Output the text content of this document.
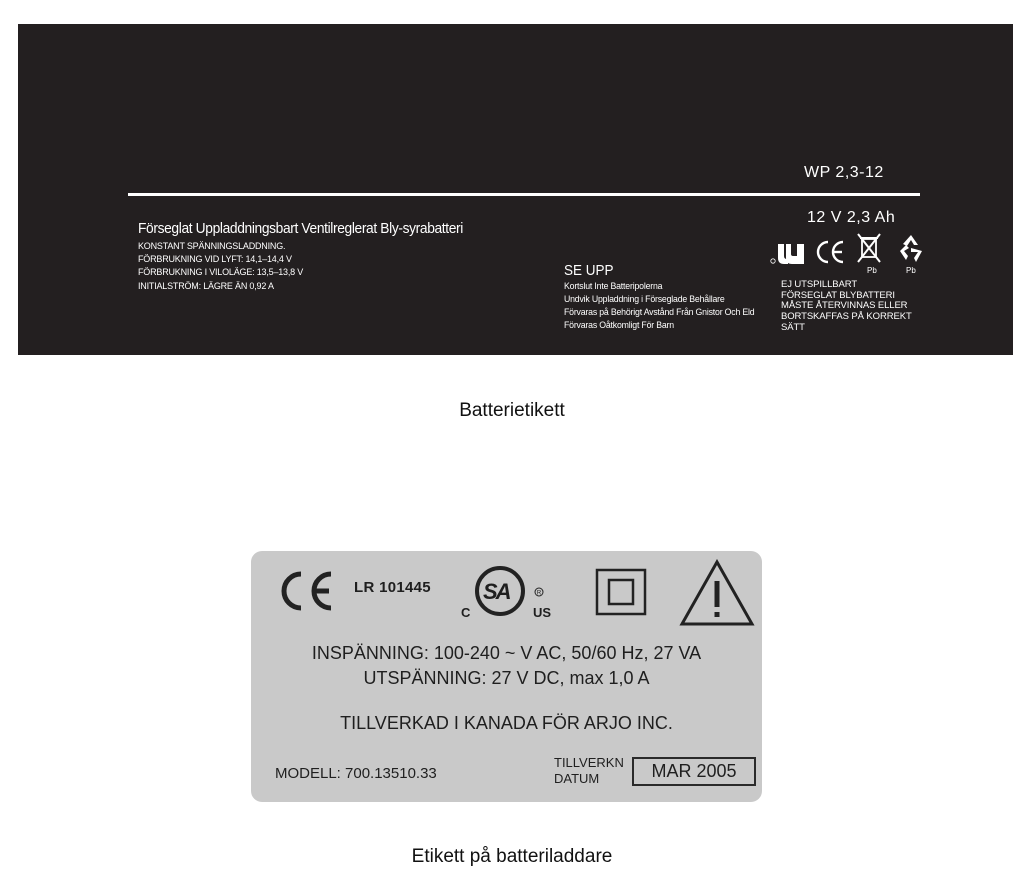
WP 2,3-12
Förseglat Uppladdningsbart Ventilreglerat Bly-syrabatteri
KONSTANT SPÄNNINGSLADDNING.
FÖRBRUKNING VID LYFT: 14,1–14,4 V
FÖRBRUKNING I VILOLÄGE: 13,5–13,8 V
INITIALSTRÖM: LÄGRE ÄN 0,92 A
SE UPP
Kortslut Inte Batteripolerna
Undvik Uppladdning i Förseglade Behållare
Förvaras på Behörigt Avstånd Från Gnistor Och Eld
Förvaras Oåtkomligt För Barn
12 V 2,3 Ah
Pb	Pb
EJ UTSPILLBART
FÖRSEGLAT BLYBATTERI
MÅSTE ÅTERVINNAS ELLER
BORTSKAFFAS PÅ KORREKT
SÄTT
Batterietikett
LR 101445 SA
C	US
R
INSPÄNNING: 100-240 ~ V AC, 50/60 Hz, 27 VA
UTSPÄNNING: 27 V DC, max 1,0 A
TILLVERKAD I KANADA FÖR ARJO INC.
MODELL: 700.13510.33
TILLVERKN
DATUM	MAR 2005
Etikett på batteriladdare
